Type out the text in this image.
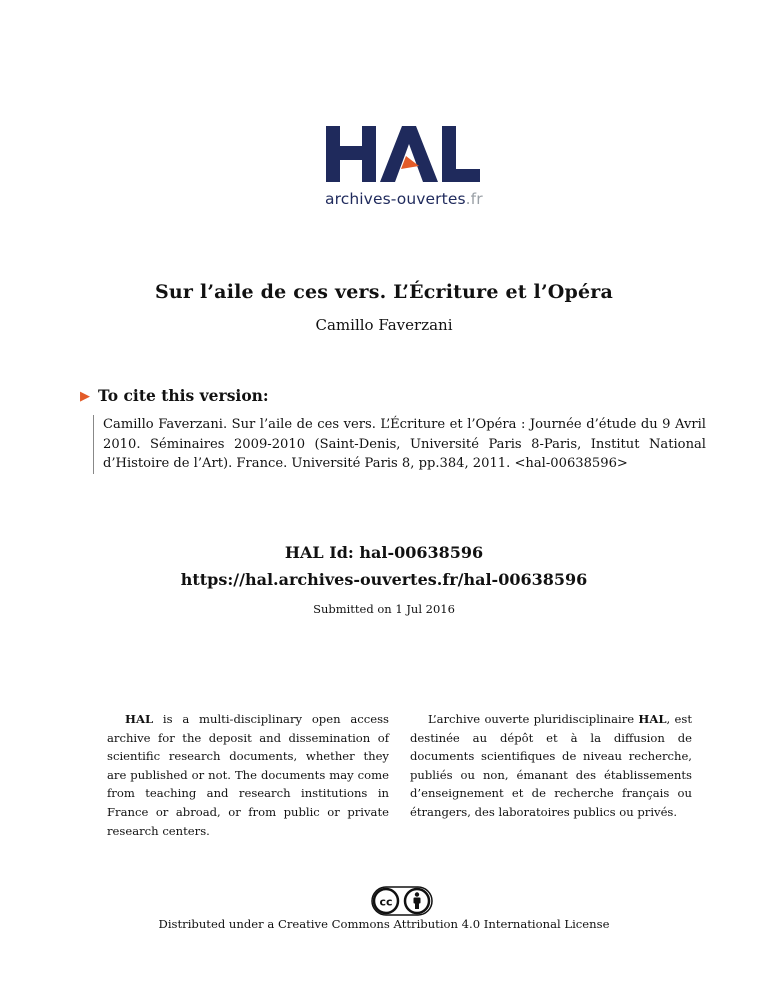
archives-ouvertes.fr
Sur l’aile de ces vers. L’Écriture et l’Opéra
Camillo Faverzani
▶ To cite this version:
Camillo Faverzani. Sur l’aile de ces vers. L’Écriture et l’Opéra : Journée d’étude du 9 Avril 2010. Séminaires 2009-2010 (Saint-Denis, Université Paris 8-Paris, Institut National d’Histoire de l’Art). France. Université Paris 8, pp.384, 2011. <hal-00638596>
HAL Id: hal-00638596
https://hal.archives-ouvertes.fr/hal-00638596
Submitted on 1 Jul 2016
HAL is a multi-disciplinary open access archive for the deposit and dissemination of scientific research documents, whether they are published or not. The documents may come from teaching and research institutions in France or abroad, or from public or private research centers.
L’archive ouverte pluridisciplinaire HAL, est destinée au dépôt et à la diffusion de documents scientifiques de niveau recherche, publiés ou non, émanant des établissements d’enseignement et de recherche français ou étrangers, des laboratoires publics ou privés.
cc
Distributed under a Creative Commons Attribution 4.0 International License
